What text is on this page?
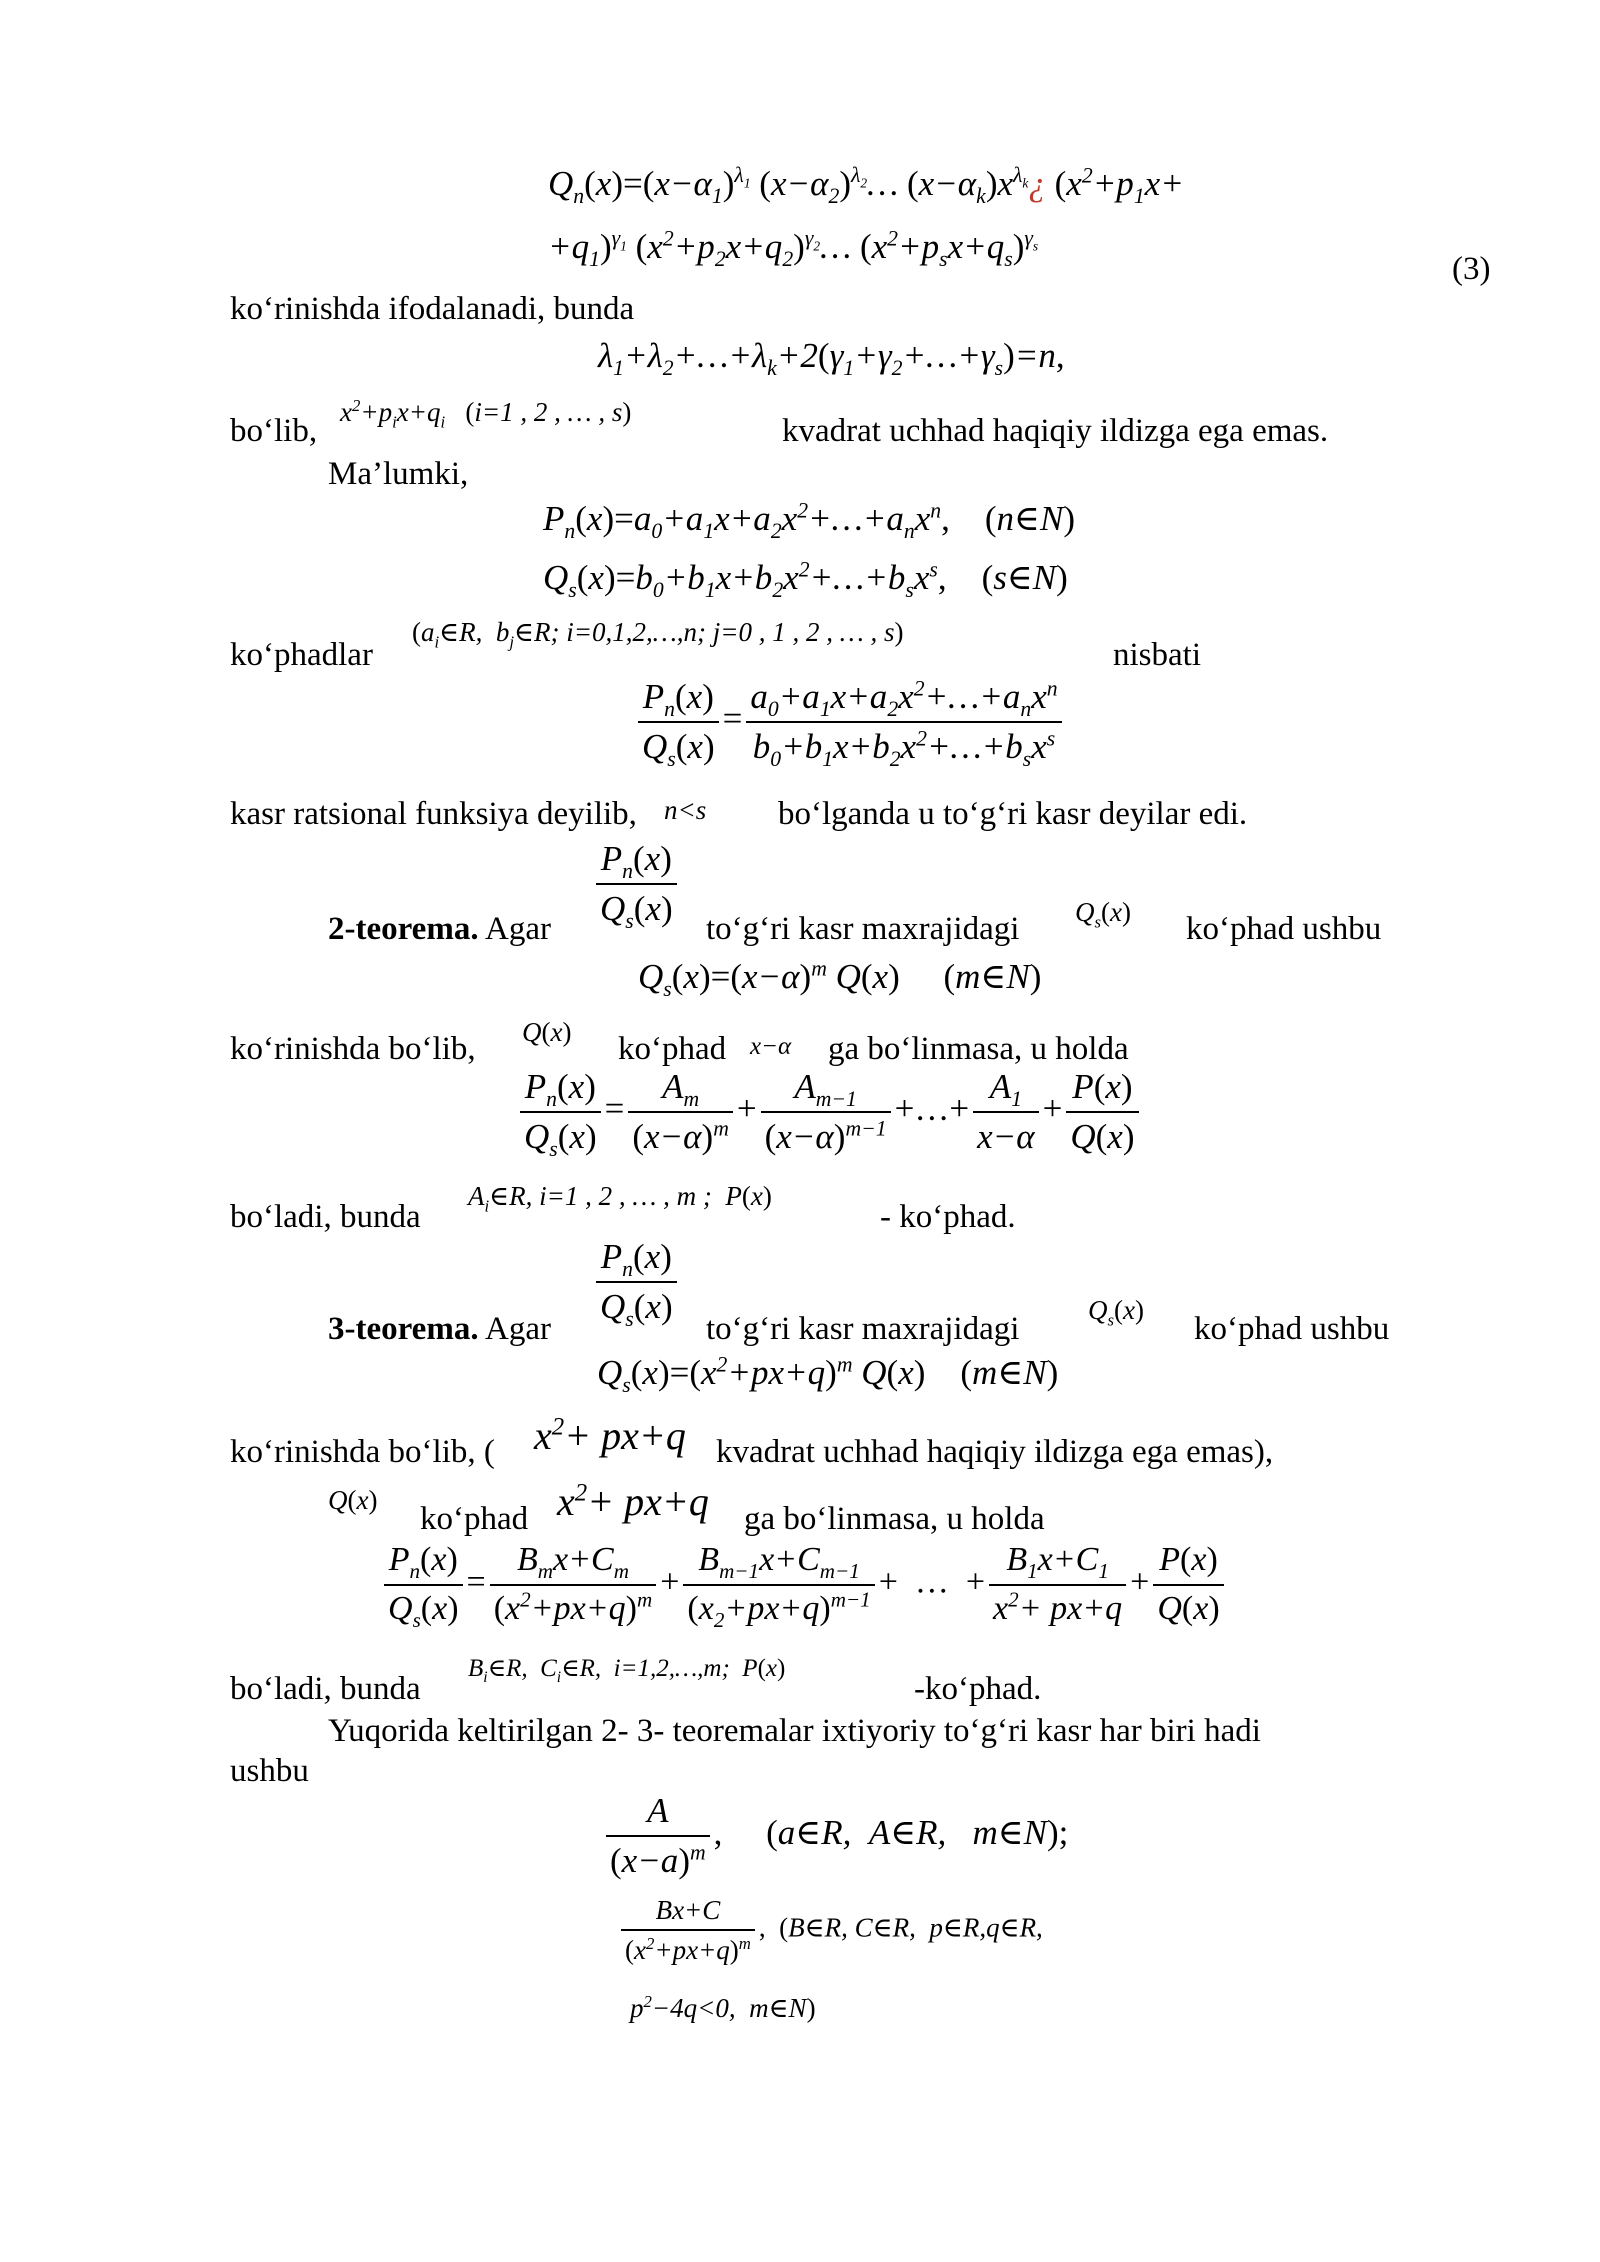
$Q_n(x)=(x-\alpha_1)^{\lambda_1}$ $(x-\alpha_2)^{\lambda_2}\dots$ $(x-\alpha_k)x^{\lambda_k}¿$ ($x^2+p_1x+$
$+q_1)^{\gamma_1}$ $(x^2+p_2x+q_2)^{\gamma_2}\dots$ $(x^2+p_sx+q_s)^{\gamma_s}$
(3)
koʻrinishda ifodalanadi, bunda
$\lambda_1+\lambda_2+\dots+\lambda_k+2(\gamma_1+\gamma_2+\dots+\gamma_s)=n$,
boʻlib,
$x^2+p_ix+q_i$ (i=1 , 2 , … , s)
kvadrat uchhad haqiqiy ildizga ega emas.
Ma’lumki,
$P_n(x)=a_0+a_1x+a_2x^2+\dots+a_nx^n$, (n∈N)
$Q_s(x)=b_0+b_1x+b_2x^2+\dots+b_sx^s$, (s∈N)
koʻphadlar
($a_i\in R$,  $b_j\in R$; i=0,1,2,…,n; j=0 , 1 , 2 , … , s)
nisbati
$\frac{P_n(x)}{Q_s(x)} = \frac{a_0+a_1x+a_2x^2+\dots+a_nx^n}{b_0+b_1x+b_2x^2+\dots+b_sx^s}$
kasr ratsional funksiya deyilib, n<s boʻlganda u toʻgʻri kasr deyilar edi.
$\frac{P_n(x)}{Q_s(x)}$
2-teorema. Agar	toʻgʻri kasr maxrajidagi $Q_s(x)$ koʻphad ushbu
$Q_s(x)=(x-\alpha)^m$ Q(x) (m∈N)
koʻrinishda boʻlib, Q(x) koʻphad x−α ga boʻlinmasa, u holda
$\frac{P_n(x)}{Q_s(x)} = \frac{A_m}{(x-\alpha)^m} + \frac{A_{m-1}}{(x-\alpha)^{m-1}}$ +…+ $\frac{A_1}{x-\alpha} + \frac{P(x)}{Q(x)}$
boʻladi, bunda
$A_i\in R$, i=1 , 2 , … , m ;  P(x)
- koʻphad.
$\frac{P_n(x)}{Q_s(x)}$
3-teorema. Agar	toʻgʻri kasr maxrajidagi
$Q_s(x)$
koʻphad ushbu
$Q_s(x)=(x^2+px+q)^m$ Q(x) (m∈N)
koʻrinishda boʻlib, ( $x^2+ px+q$ kvadrat uchhad haqiqiy ildizga ega emas),
Q(x)
koʻphad $x^2+ px+q$ ga boʻlinmasa, u holda
$\frac{P_n(x)}{Q_s(x)} = \frac{B_mx+C_m}{(x^2+px+q)^m} + \frac{B_{m-1}x+C_{m-1}}{(x_2+px+q)^{m-1}}$ +  …  + $\frac{B_1x+C_1}{x^2+ px+q} + \frac{P(x)}{Q(x)}$
boʻladi, bunda
$B_i\in R$,  $C_i\in R$,  i=1,2,…,m;  P(x)
-koʻphad.
Yuqorida keltirilgan 2- 3- teoremalar ixtiyoriy toʻgʻri kasr har biri hadi
ushbu
$\frac{A}{(x-a)^m}$ , (a∈R,  A∈R,   m∈N);
$\frac{Bx+C}{(x^2+px+q)^m}$ , (B∈R, C∈R,  p∈R,q∈R,
$p^2-4q<0$,  m∈N)
